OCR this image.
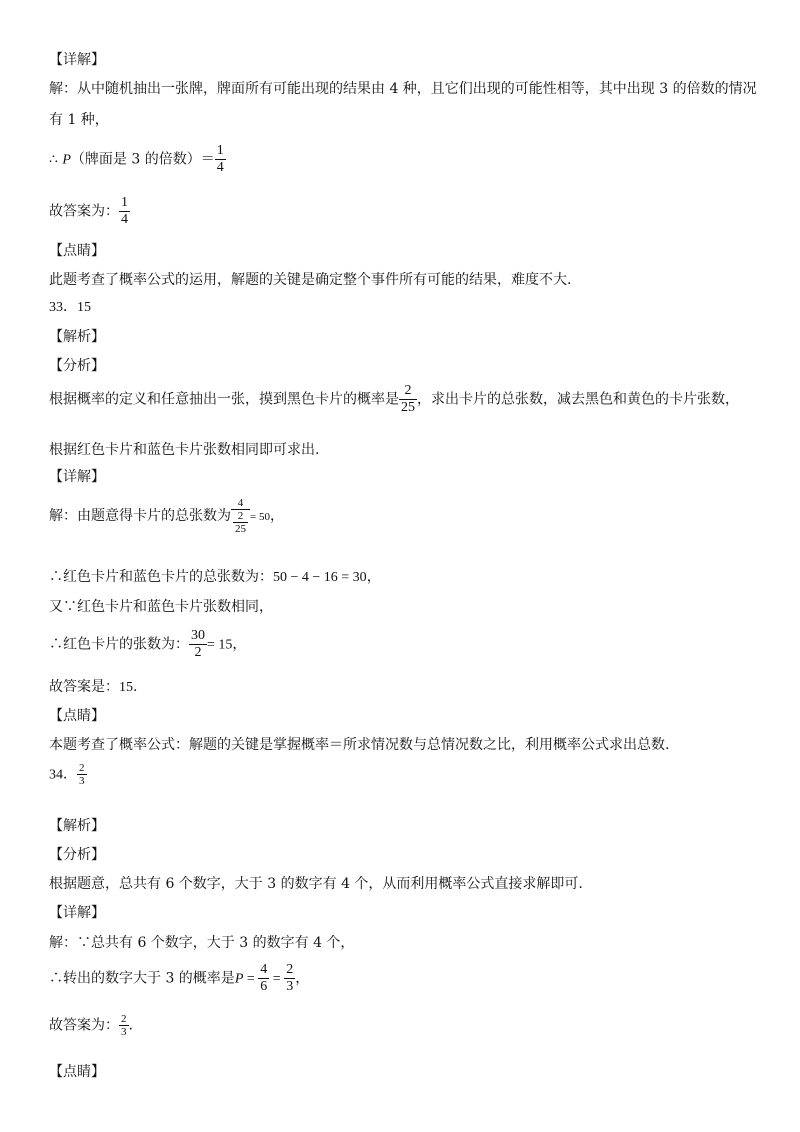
【详解】
解：从中随机抽出一张牌，牌面所有可能出现的结果由 4 种，且它们出现的可能性相等，其中出现 3 的倍数的情况
有 1 种，
∴ P（牌面是 3 的倍数）＝ $\frac{1}{4}$
故答案为： $\frac{1}{4}$
【点睛】
此题考查了概率公式的运用，解题的关键是确定整个事件所有可能的结果，难度不大.
33．15
【解析】
【分析】
根据概率的定义和任意抽出一张，摸到黑色卡片的概率是 $\frac{2}{25}$ ，求出卡片的总张数，减去黑色和黄色的卡片张数，
根据红色卡片和蓝色卡片张数相同即可求出.
【详解】
解：由题意得卡片的总张数为 $\frac{4}{\frac{2}{25}} = 50$，
∴红色卡片和蓝色卡片的总张数为：50 − 4 − 16 = 30，
又∵红色卡片和蓝色卡片张数相同，
∴红色卡片的张数为： $\frac{30}{2} = 15$，
故答案是：15.
【点睛】
本题考查了概率公式：解题的关键是掌握概率＝所求情况数与总情况数之比，利用概率公式求出总数.
34． $\frac{2}{3}$
【解析】
【分析】
根据题意，总共有 6 个数字，大于 3 的数字有 4 个，从而利用概率公式直接求解即可.
【详解】
解：∵总共有 6 个数字，大于 3 的数字有 4 个，
∴转出的数字大于 3 的概率是$P = \frac{4}{6} = \frac{2}{3}$ ，
故答案为： $\frac{2}{3}$ .
【点睛】
